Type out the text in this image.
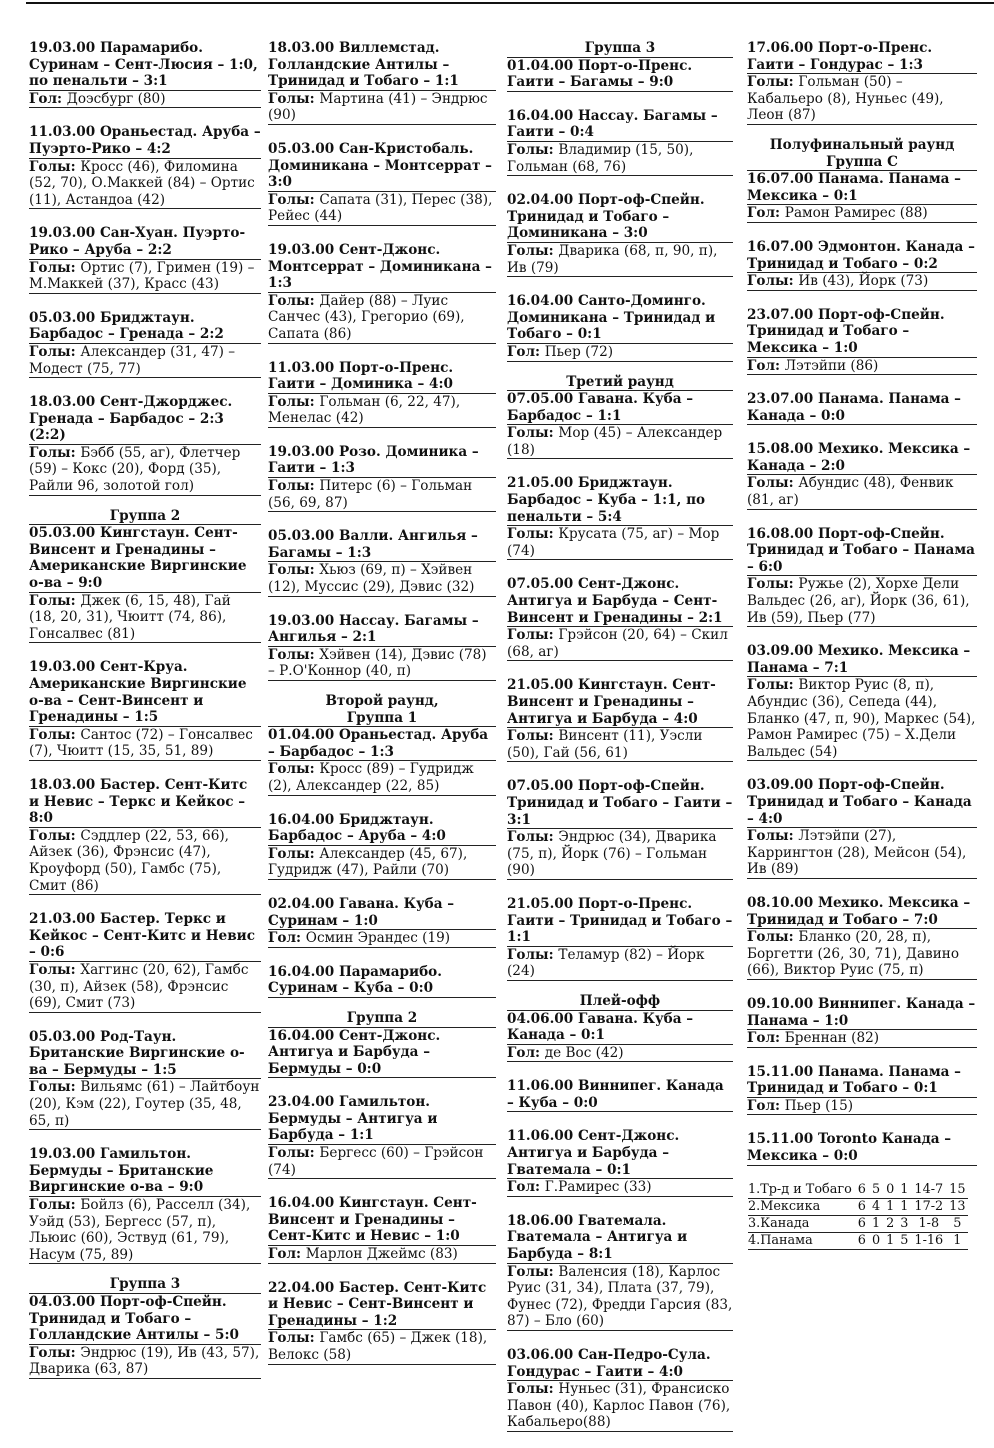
19.03.00 Парамарибо. Суринам – Сент-Люсия – 1:0, по пенальти – 3:1
Гол: Доэсбург (80)
11.03.00 Ораньестад. Аруба – Пуэрто-Рико – 4:2
Голы: Кросс (46), Филомина (52, 70), О.Маккей (84) – Ортис (11), Астандоа (42)
19.03.00 Сан-Хуан. Пуэрто-Рико – Аруба – 2:2
Голы: Ортис (7), Гримен (19) – М.Маккей (37), Красс (43)
05.03.00 Бриджтаун. Барбадос – Гренада – 2:2
Голы: Александер (31, 47) – Модест (75, 77)
18.03.00 Сент-Джорджес. Гренада – Барбадос – 2:3 (2:2)
Голы: Бэбб (55, аг), Флетчер (59) – Кокс (20), Форд (35), Райли 96, золотой гол)
Группа 2
05.03.00 Кингстаун. Сент-Винсент и Гренадины – Американские Виргинские о-ва – 9:0
Голы: Джек (6, 15, 48), Гай (18, 20, 31), Чюитт (74, 86), Гонсалвес (81)
19.03.00 Сент-Круа. Американские Виргинские о-ва – Сент-Винсент и Гренадины – 1:5
Голы: Сантос (72) – Гонсалвес (7), Чюитт (15, 35, 51, 89)
18.03.00 Бастер. Сент-Китс и Невис – Теркс и Кейкос – 8:0
Голы: Сэддлер (22, 53, 66), Айзек (36), Фрэнсис (47), Кроуфорд (50), Гамбс (75), Смит (86)
21.03.00 Бастер. Теркс и Кейкос – Сент-Китс и Невис – 0:6
Голы: Хаггинс (20, 62), Гамбс (30, п), Айзек (58), Фрэнсис (69), Смит (73)
05.03.00 Род-Таун. Британские Виргинские о-ва – Бермуды – 1:5
Голы: Вильямс (61) – Лайтбоун (20), Кэм (22), Гоутер (35, 48, 65, п)
19.03.00 Гамильтон. Бермуды – Британские Виргинские о-ва – 9:0
Голы: Бойлз (6), Расселл (34), Уэйд (53), Бергесс (57, п), Льюис (60), Эствуд (61, 79), Насум (75, 89)
Группа 3
04.03.00 Порт-оф-Спейн. Тринидад и Тобаго – Голландские Антилы – 5:0
Голы: Эндрюс (19), Ив (43, 57), Дварика (63, 87)
18.03.00 Виллемстад. Голландские Антилы – Тринидад и Тобаго – 1:1
Голы: Мартина (41) – Эндрюс (90)
05.03.00 Сан-Кристобаль. Доминикана – Монтсеррат – 3:0
Голы: Сапата (31), Перес (38), Рейес (44)
19.03.00 Сент-Джонс. Монтсеррат – Доминиканa – 1:3
Голы: Дайер (88) – Луис Санчес (43), Грегорио (69), Сапата (86)
11.03.00 Порт-о-Пренс. Гаити – Доминика – 4:0
Голы: Гольман (6, 22, 47), Менелас (42)
19.03.00 Розо. Доминика – Гаити – 1:3
Голы: Питерс (6) – Гольман (56, 69, 87)
05.03.00 Валли. Ангилья – Багамы – 1:3
Голы: Хьюз (69, п) – Хэйвен (12), Муссис (29), Дэвис (32)
19.03.00 Нассау. Багамы – Ангилья – 2:1
Голы: Хэйвен (14), Дэвис (78) – Р.О'Коннор (40, п)
Второй раунд,
Группа 1
01.04.00 Ораньестад. Аруба – Барбадос – 1:3
Голы: Кросс (89) – Гудридж (2), Александер (22, 85)
16.04.00 Бриджтаун. Барбадос – Аруба – 4:0
Голы: Александер (45, 67), Гудридж (47), Райли (70)
02.04.00 Гавана. Куба – Суринам – 1:0
Гол: Осмин Эрандес (19)
16.04.00 Парамарибо. Суринам – Куба – 0:0
Группа 2
16.04.00 Сент-Джонс. Антигуа и Барбуда – Бермуды – 0:0
23.04.00 Гамильтон. Бермуды – Антигуа и Барбуда – 1:1
Голы: Бергесс (60) – Грэйсон (74)
16.04.00 Кингстаун. Сент-Винсент и Гренадины – Сент-Китс и Невис – 1:0
Гол: Марлон Джеймс (83)
22.04.00 Бастер. Сент-Китс и Невис – Сент-Винсент и Гренадины – 1:2
Голы: Гамбс (65) – Джек (18), Велокс (58)
Группа 3
01.04.00 Порт-о-Пренс. Гаити – Багамы – 9:0
16.04.00 Нассау. Багамы – Гаити – 0:4
Голы: Владимир (15, 50), Гольман (68, 76)
02.04.00 Порт-оф-Спейн. Тринидад и Тобаго – Доминикана – 3:0
Голы: Дварика (68, п, 90, п), Ив (79)
16.04.00 Санто-Доминго. Доминикана – Тринидад и Тобаго – 0:1
Гол: Пьер (72)
Третий раунд
07.05.00 Гавана. Куба – Барбадос – 1:1
Голы: Мор (45) – Александер (18)
21.05.00 Бриджтаун. Барбадос – Куба – 1:1, по пенальти – 5:4
Голы: Крусата (75, аг) – Мор (74)
07.05.00 Сент-Джонс. Антигуа и Барбуда – Сент-Винсент и Гренадины – 2:1
Голы: Грэйсон (20, 64) – Скил (68, аг)
21.05.00 Кингстаун. Сент-Винсент и Гренадины – Антигуа и Барбуда – 4:0
Голы: Винсент (11), Уэсли (50), Гай (56, 61)
07.05.00 Порт-оф-Спейн. Тринидад и Тобаго – Гаити – 3:1
Голы: Эндрюс (34), Дварика (75, п), Йорк (76) – Гольман (90)
21.05.00 Порт-о-Пренс. Гаити – Тринидад и Тобаго – 1:1
Голы: Теламур (82) – Йорк (24)
Плей-офф
04.06.00 Гавана. Куба – Канада – 0:1
Гол: де Вос (42)
11.06.00 Виннипег. Канада – Куба – 0:0
11.06.00 Сент-Джонс. Антигуа и Барбуда – Гватемала – 0:1
Гол: Г.Рамирес (33)
18.06.00 Гватемала. Гватемала – Антигуа и Барбуда – 8:1
Голы: Валенсия (18), Карлос Руис (31, 34), Плата (37, 79), Фунес (72), Фредди Гарсия (83, 87) – Бло (60)
03.06.00 Сан-Педро-Сула. Гондурас – Гаити – 4:0
Голы: Нуньес (31), Франсиско Павон (40), Карлос Павон (76), Кабальеро(88)
17.06.00 Порт-о-Пренс. Гаити – Гондурас – 1:3
Голы: Гольман (50) – Кабальеро (8), Нуньес (49), Леон (87)
Полуфинальный раунд
Группа С
16.07.00 Панама. Панама – Мексика – 0:1
Гол: Рамон Рамирес (88)
16.07.00 Эдмонтон. Канада – Тринидад и Тобаго – 0:2
Голы: Ив (43), Йорк (73)
23.07.00 Порт-оф-Спейн. Тринидад и Тобаго – Мексика – 1:0
Гол: Лэтэйпи (86)
23.07.00 Панама. Панама – Канада – 0:0
15.08.00 Мехико. Мексика – Канада – 2:0
Голы: Абундис (48), Фенвик (81, аг)
16.08.00 Порт-оф-Спейн. Тринидад и Тобаго – Панама – 6:0
Голы: Ружье (2), Хорхе Дели Вальдес (26, аг), Йорк (36, 61), Ив (59), Пьер (77)
03.09.00 Мехико. Мексика – Панама – 7:1
Голы: Виктор Руис (8, п), Абундис (36), Сепеда (44), Бланко (47, п, 90), Маркес (54), Рамон Рамирес (75) – Х.Дели Вальдес (54)
03.09.00 Порт-оф-Спейн. Тринидад и Тобаго – Канада – 4:0
Голы: Лэтэйпи (27), Каррингтон (28), Мейсон (54), Ив (89)
08.10.00 Мехико. Мексика – Тринидад и Тобаго – 7:0
Голы: Бланко (20, 28, п), Боргетти (26, 30, 71), Давино (66), Виктор Руис (75, п)
09.10.00 Виннипег. Канада – Панама – 1:0
Гол: Бреннан (82)
15.11.00 Панама. Панама – Тринидад и Тобаго – 0:1
Гол: Пьер (15)
15.11.00 Toronto Канада – Мексика – 0:0
1.Тр-д и Тобаго	6	5	0	1	14-7	15
2.Мексика	6	4	1	1	17-2	13
3.Канада	6	1	2	3	1-8	5
4.Панама	6	0	1	5	1-16	1
